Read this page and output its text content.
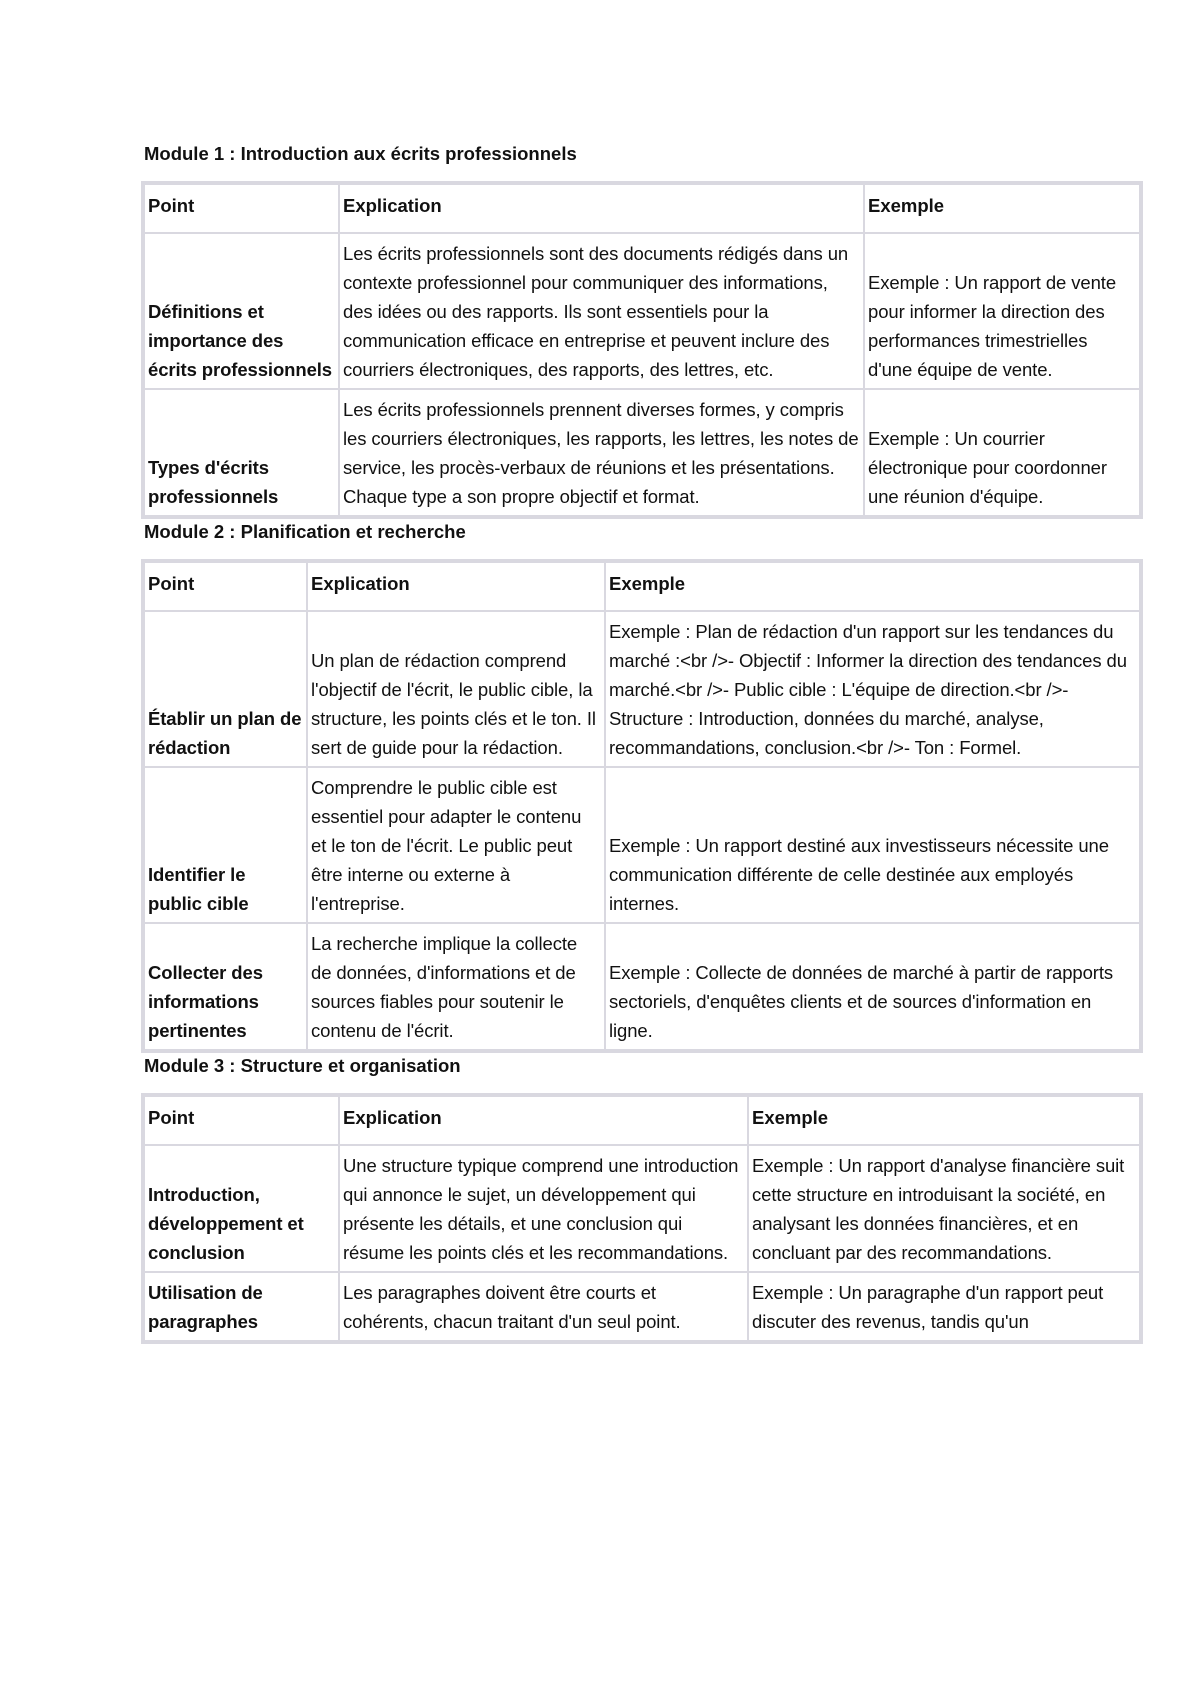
Module 1 : Introduction aux écrits professionnels

Point	Explication	Exemple
Définitions et importance des écrits professionnels	Les écrits professionnels sont des documents rédigés dans un contexte professionnel pour communiquer des informations, des idées ou des rapports. Ils sont essentiels pour la communication efficace en entreprise et peuvent inclure des courriers électroniques, des rapports, des lettres, etc.	Exemple : Un rapport de vente pour informer la direction des performances trimestrielles d'une équipe de vente.
Types d'écrits professionnels	Les écrits professionnels prennent diverses formes, y compris les courriers électroniques, les rapports, les lettres, les notes de service, les procès-verbaux de réunions et les présentations. Chaque type a son propre objectif et format.	Exemple : Un courrier électronique pour coordonner une réunion d'équipe.

Module 2 : Planification et recherche

Point	Explication	Exemple
Établir un plan de rédaction	Un plan de rédaction comprend l'objectif de l'écrit, le public cible, la structure, les points clés et le ton. Il sert de guide pour la rédaction.	Exemple : Plan de rédaction d'un rapport sur les tendances du marché :<br />- Objectif : Informer la direction des tendances du marché.<br />- Public cible : L'équipe de direction.<br />- Structure : Introduction, données du marché, analyse, recommandations, conclusion.<br />- Ton : Formel.
Identifier le public cible	Comprendre le public cible est essentiel pour adapter le contenu et le ton de l'écrit. Le public peut être interne ou externe à l'entreprise.	Exemple : Un rapport destiné aux investisseurs nécessite une communication différente de celle destinée aux employés internes.
Collecter des informations pertinentes	La recherche implique la collecte de données, d'informations et de sources fiables pour soutenir le contenu de l'écrit.	Exemple : Collecte de données de marché à partir de rapports sectoriels, d'enquêtes clients et de sources d'information en ligne.

Module 3 : Structure et organisation

Point	Explication	Exemple
Introduction, développement et conclusion	Une structure typique comprend une introduction qui annonce le sujet, un développement qui présente les détails, et une conclusion qui résume les points clés et les recommandations.	Exemple : Un rapport d'analyse financière suit cette structure en introduisant la société, en analysant les données financières, et en concluant par des recommandations.
Utilisation de paragraphes	Les paragraphes doivent être courts et cohérents, chacun traitant d'un seul point.	Exemple : Un paragraphe d'un rapport peut discuter des revenus, tandis qu'un
